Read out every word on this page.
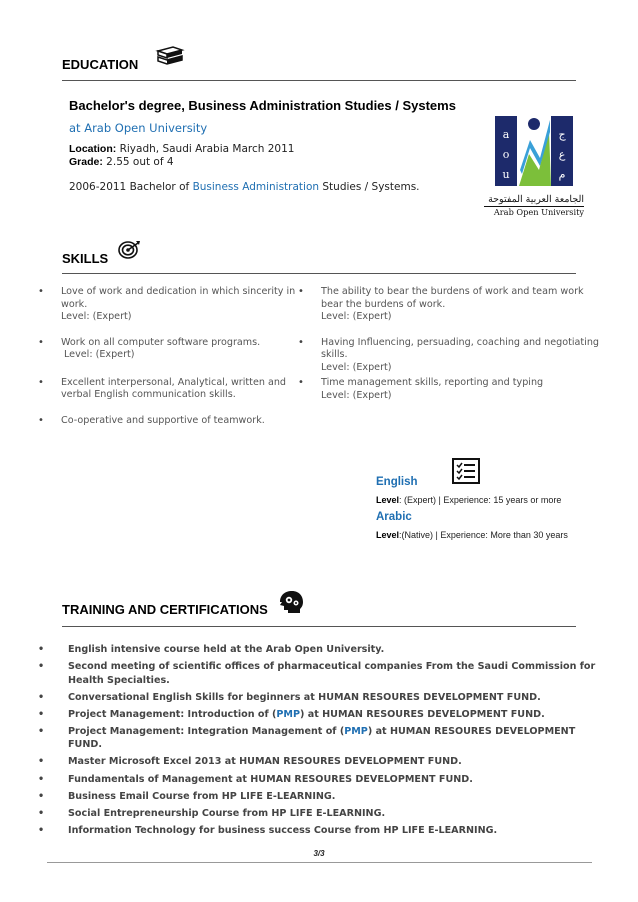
EDUCATION
Bachelor's degree, Business Administration Studies / Systems
at Arab Open University
Location: Riyadh, Saudi Arabia March 2011
Grade: 2.55 out of 4
2006-2011 Bachelor of Business Administration Studies / Systems.
a
o
u
ج
ع
م
الجامعة العربية المفتوحة
Arab Open University
SKILLS
• Love of work and dedication in which sincerity in work.
Level: (Expert)
• Work on all computer software programs.
Level: (Expert)
• Excellent interpersonal, Analytical, written and verbal English communication skills.
• Co-operative and supportive of teamwork.
• The ability to bear the burdens of work and team work bear the burdens of work.
Level: (Expert)
• Having Influencing, persuading, coaching and negotiating skills.
Level: (Expert)
• Time management skills, reporting and typing
Level: (Expert)
English
Level: (Expert) | Experience: 15 years or more
Arabic
Level:(Native) | Experience: More than 30 years
TRAINING AND CERTIFICATIONS
• English intensive course held at the Arab Open University.
• Second meeting of scientific offices of pharmaceutical companies From the Saudi Commission for Health Specialties.
• Conversational English Skills for beginners at HUMAN RESOURES DEVELOPMENT FUND.
• Project Management: Introduction of (PMP) at HUMAN RESOURES DEVELOPMENT FUND.
• Project Management: Integration Management of (PMP) at HUMAN RESOURES DEVELOPMENT FUND.
• Master Microsoft Excel 2013 at HUMAN RESOURES DEVELOPMENT FUND.
• Fundamentals of Management at HUMAN RESOURES DEVELOPMENT FUND.
• Business Email Course from HP LIFE E-LEARNING.
• Social Entrepreneurship Course from HP LIFE E-LEARNING.
• Information Technology for business success Course from HP LIFE E-LEARNING.
3/3
